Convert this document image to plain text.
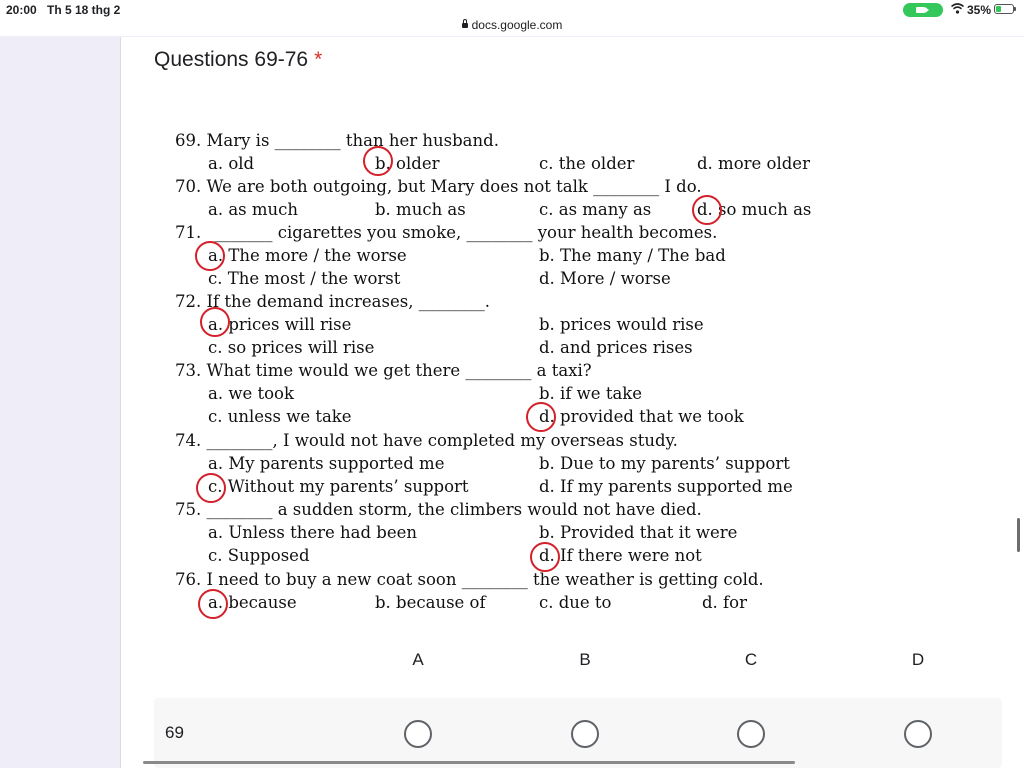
20:00 Th 5 18 thg 2
docs.google.com
35%
Questions 69-76 *
69. Mary is ________ than her husband.
a. old	b. older	c. the older	d. more older
70. We are both outgoing, but Mary does not talk ________ I do.
a. as much	b. much as	c. as many as	d. so much as
71. ________ cigarettes you smoke, ________ your health becomes.
a. The more / the worse	b. The many / The bad
c. The most / the worst	d. More / worse
72. If the demand increases, ________.
a. prices will rise	b. prices would rise
c. so prices will rise	d. and prices rises
73. What time would we get there ________ a taxi?
a. we took	b. if we take
c. unless we take	d. provided that we took
74. ________, I would not have completed my overseas study.
a. My parents supported me	b. Due to my parents’ support
c. Without my parents’ support	d. If my parents supported me
75. ________ a sudden storm, the climbers would not have died.
a. Unless there had been	b. Provided that it were
c. Supposed	d. If there were not
76. I need to buy a new coat soon ________ the weather is getting cold.
a. because	b. because of	c. due to	d. for
A	B	C	D
69
